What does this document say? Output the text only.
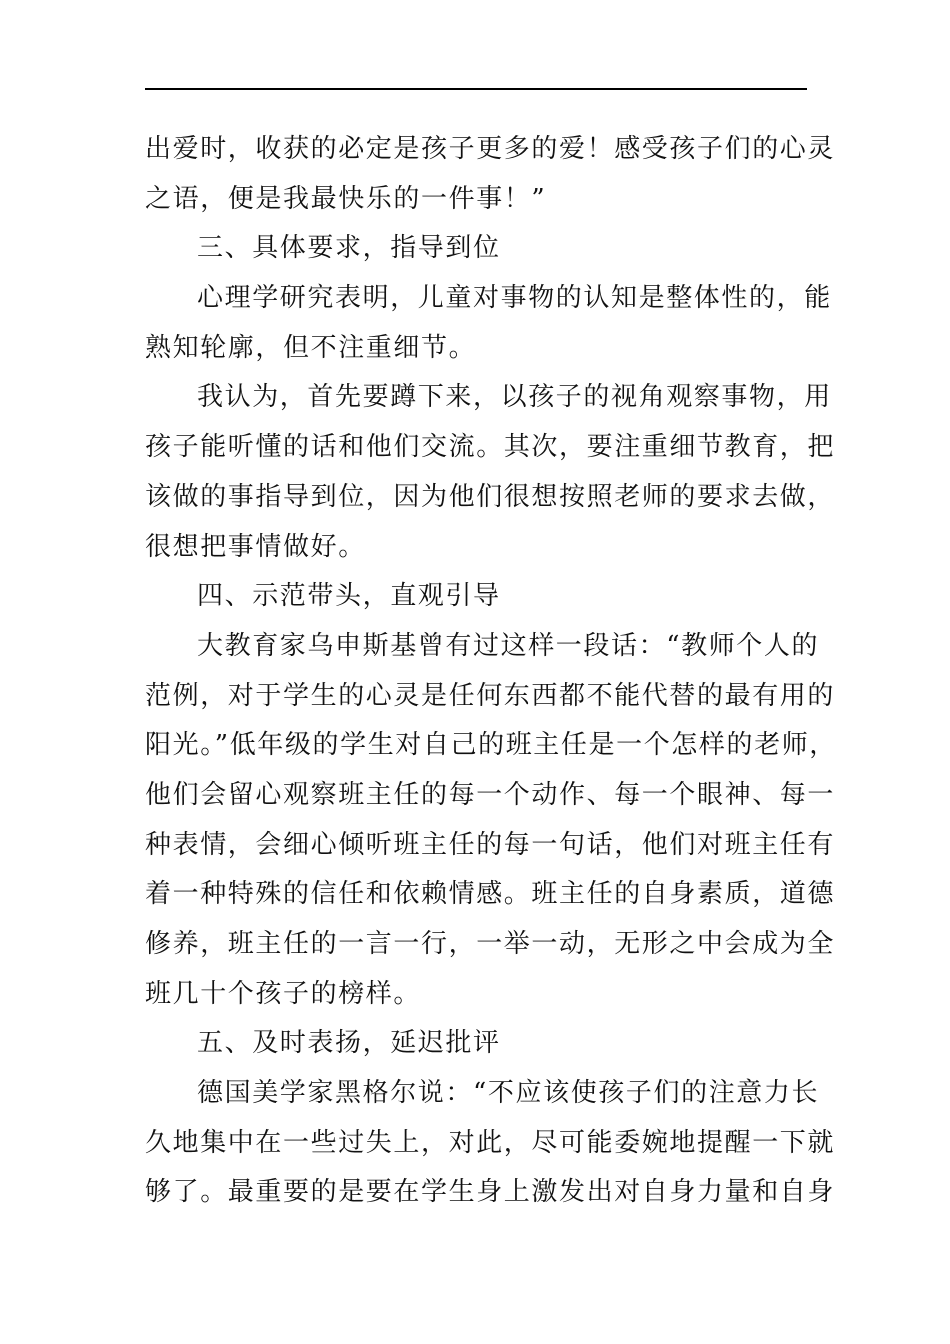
出爱时，收获的必定是孩子更多的爱！感受孩子们的心灵
之语，便是我最快乐的一件事！”
三、具体要求，指导到位
心理学研究表明，儿童对事物的认知是整体性的，能
熟知轮廓，但不注重细节。
我认为，首先要蹲下来，以孩子的视角观察事物，用
孩子能听懂的话和他们交流。其次，要注重细节教育，把
该做的事指导到位，因为他们很想按照老师的要求去做，
很想把事情做好。
四、示范带头，直观引导
大教育家乌申斯基曾有过这样一段话：“教师个人的
范例，对于学生的心灵是任何东西都不能代替的最有用的
阳光。”低年级的学生对自己的班主任是一个怎样的老师，
他们会留心观察班主任的每一个动作、每一个眼神、每一
种表情，会细心倾听班主任的每一句话，他们对班主任有
着一种特殊的信任和依赖情感。班主任的自身素质，道德
修养，班主任的一言一行，一举一动，无形之中会成为全
班几十个孩子的榜样。
五、及时表扬，延迟批评
德国美学家黑格尔说：“不应该使孩子们的注意力长
久地集中在一些过失上，对此，尽可能委婉地提醒一下就
够了。最重要的是要在学生身上激发出对自身力量和自身
